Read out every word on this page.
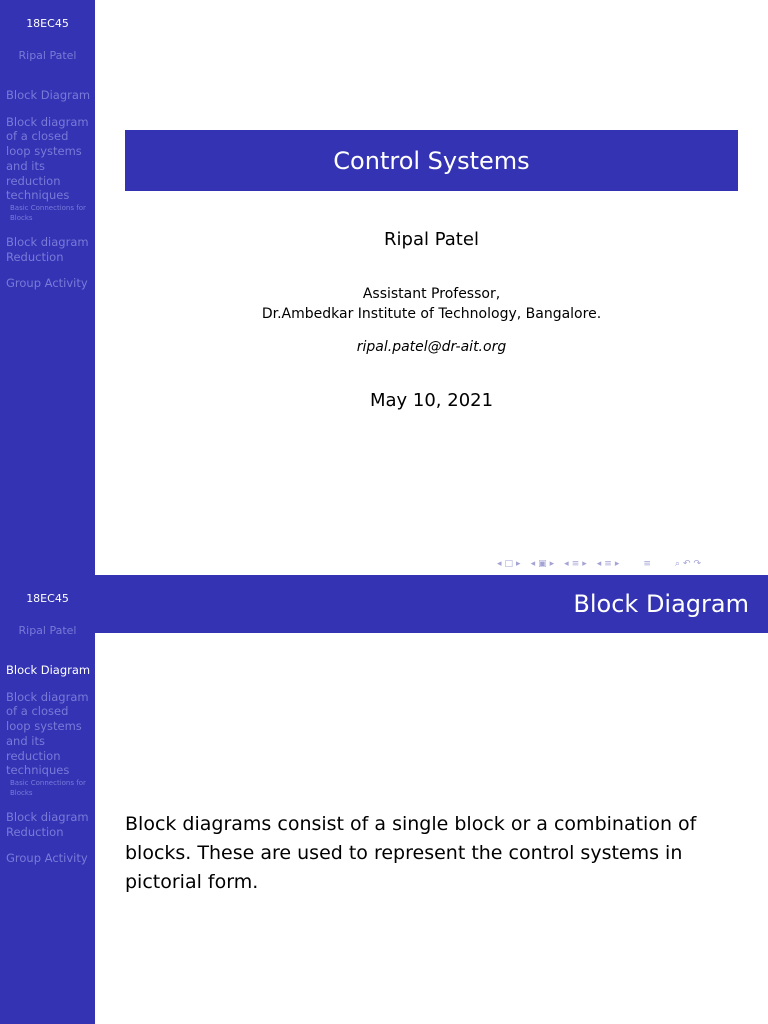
18EC45
Ripal Patel
Block Diagram
Block diagram of a closed loop systems and its reduction techniques
Basic Connections for Blocks
Block diagram Reduction
Group Activity
Control Systems
Ripal Patel
Assistant Professor,
Dr.Ambedkar Institute of Technology, Bangalore.
ripal.patel@dr-ait.org
May 10, 2021
◂ □ ▸ ◂ ▣ ▸ ◂ ≡ ▸ ◂ ≡ ▸	≡	⌕ ↶ ↷
18EC45
Ripal Patel
Block Diagram
Block diagram of a closed loop systems and its reduction techniques
Basic Connections for Blocks
Block diagram Reduction
Group Activity
Block Diagram
Block diagrams consist of a single block or a combination of blocks. These are used to represent the control systems in pictorial form.
